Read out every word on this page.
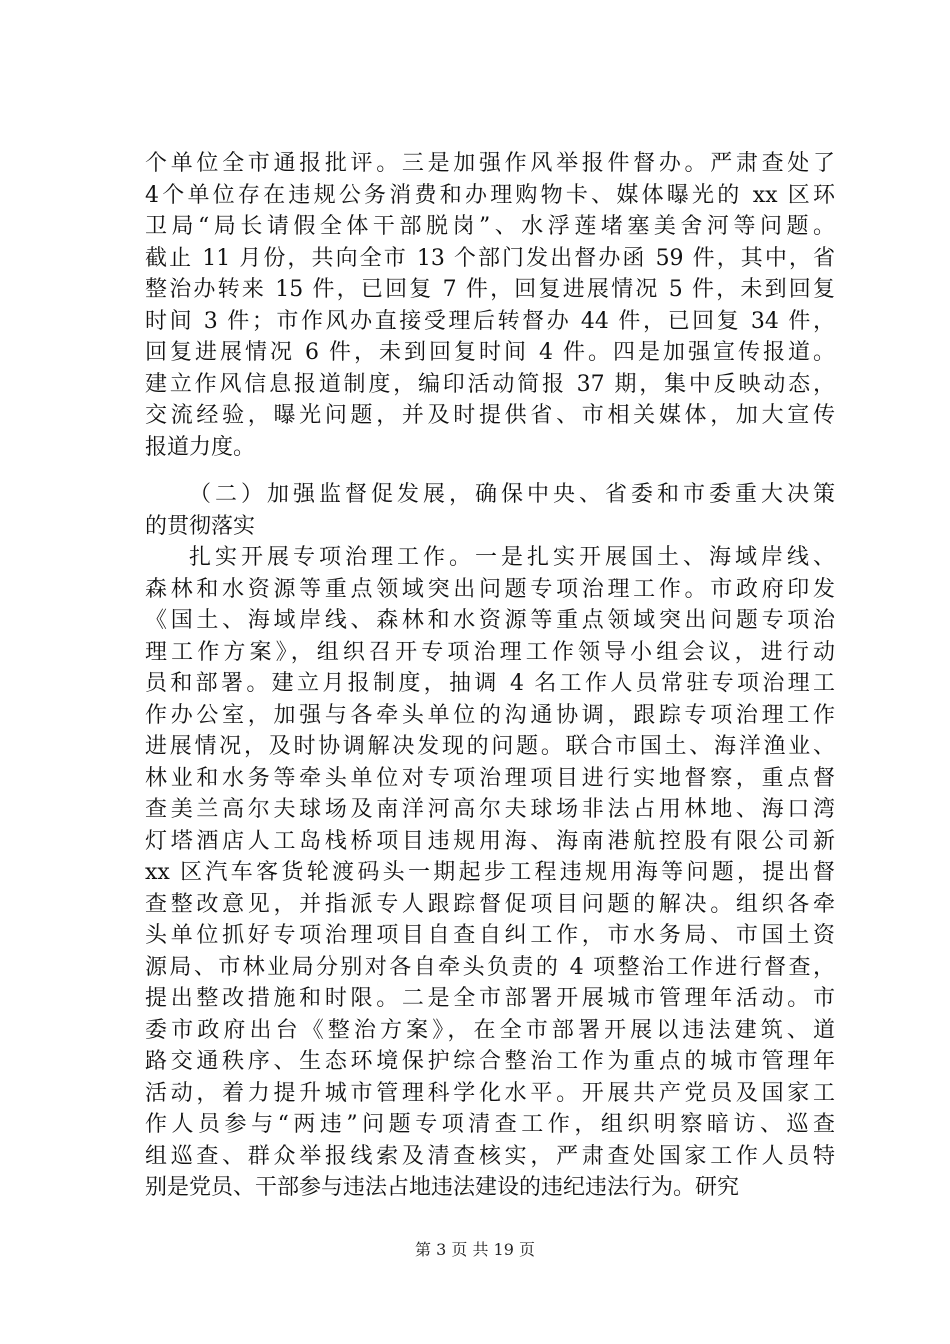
个单位全市通报批评。三是加强作风举报件督办。严肃查处了
4个单位存在违规公务消费和办理购物卡、媒体曝光的 xx 区环
卫局“局长请假全体干部脱岗”、水浮莲堵塞美舍河等问题。
截止 11 月份，共向全市 13 个部门发出督办函 59 件，其中，省
整治办转来 15 件，已回复 7 件，回复进展情况 5 件，未到回复
时间 3 件；市作风办直接受理后转督办 44 件，已回复 34 件，
回复进展情况 6 件，未到回复时间 4 件。四是加强宣传报道。
建立作风信息报道制度，编印活动简报 37 期，集中反映动态，
交流经验，曝光问题，并及时提供省、市相关媒体，加大宣传
报道力度。
（二）加强监督促发展，确保中央、省委和市委重大决策
的贯彻落实
扎实开展专项治理工作。一是扎实开展国土、海域岸线、
森林和水资源等重点领域突出问题专项治理工作。市政府印发
《国土、海域岸线、森林和水资源等重点领域突出问题专项治
理工作方案》，组织召开专项治理工作领导小组会议，进行动
员和部署。建立月报制度，抽调 4 名工作人员常驻专项治理工
作办公室，加强与各牵头单位的沟通协调，跟踪专项治理工作
进展情况，及时协调解决发现的问题。联合市国土、海洋渔业、
林业和水务等牵头单位对专项治理项目进行实地督察，重点督
查美兰高尔夫球场及南洋河高尔夫球场非法占用林地、海口湾
灯塔酒店人工岛栈桥项目违规用海、海南港航控股有限公司新
xx 区汽车客货轮渡码头一期起步工程违规用海等问题，提出督
查整改意见，并指派专人跟踪督促项目问题的解决。组织各牵
头单位抓好专项治理项目自查自纠工作，市水务局、市国土资
源局、市林业局分别对各自牵头负责的 4 项整治工作进行督查，
提出整改措施和时限。二是全市部署开展城市管理年活动。市
委市政府出台《整治方案》，在全市部署开展以违法建筑、道
路交通秩序、生态环境保护综合整治工作为重点的城市管理年
活动，着力提升城市管理科学化水平。开展共产党员及国家工
作人员参与“两违”问题专项清查工作，组织明察暗访、巡查
组巡查、群众举报线索及清查核实，严肃查处国家工作人员特
别是党员、干部参与违法占地违法建设的违纪违法行为。研究
第 3 页 共 19 页
